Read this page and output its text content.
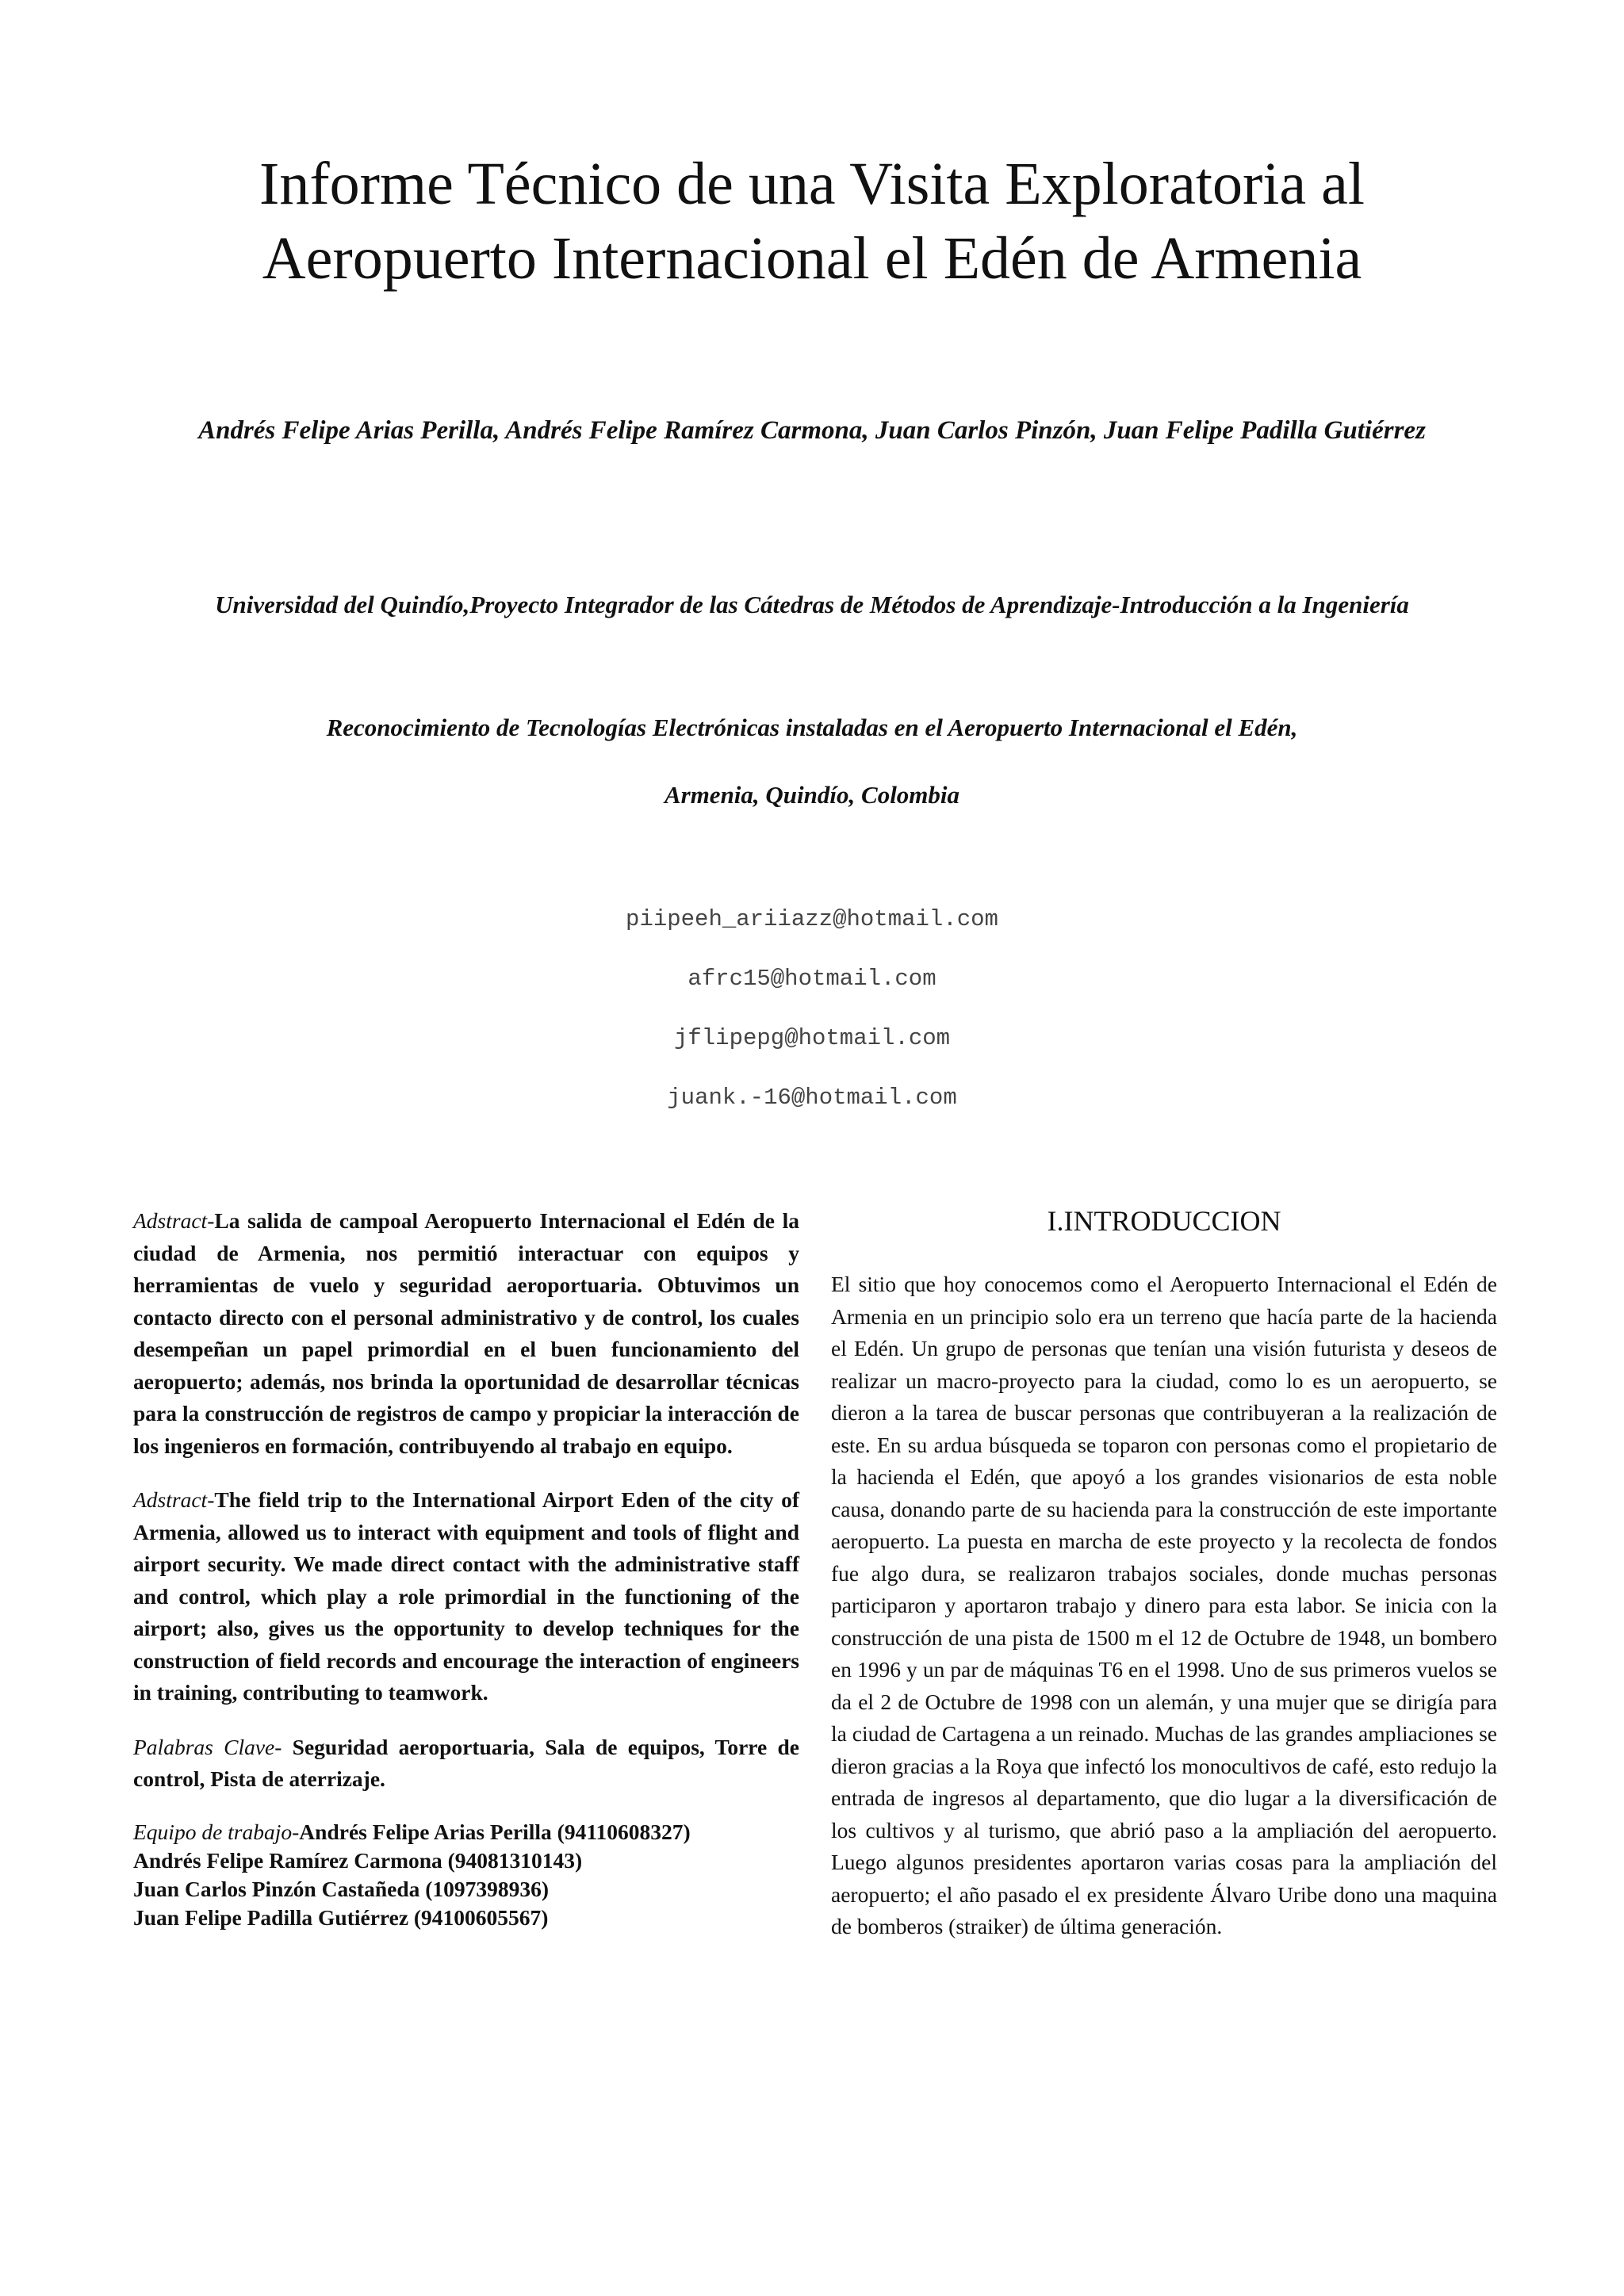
Informe Técnico de una Visita Exploratoria al
Aeropuerto Internacional el Edén de Armenia
Andrés Felipe Arias Perilla, Andrés Felipe Ramírez Carmona, Juan Carlos Pinzón, Juan Felipe Padilla Gutiérrez
Universidad del Quindío,Proyecto Integrador de las Cátedras de Métodos de Aprendizaje-Introducción a la Ingeniería
Reconocimiento de Tecnologías Electrónicas instaladas en el Aeropuerto Internacional el Edén,
Armenia, Quindío, Colombia
piipeeh_ariiazz@hotmail.com
afrc15@hotmail.com
jflipepg@hotmail.com
juank.-16@hotmail.com

Adstract-La salida de campoal Aeropuerto Internacional el Edén de la ciudad de Armenia, nos permitió interactuar con equipos y herramientas de vuelo y seguridad aeroportuaria. Obtuvimos un contacto directo con el personal administrativo y de control, los cuales desempeñan un papel primordial en el buen funcionamiento del aeropuerto; además, nos brinda la oportunidad de desarrollar técnicas para la construcción de registros de campo y propiciar la interacción de los ingenieros en formación, contribuyendo al trabajo en equipo.

Adstract-The field trip to the International Airport Eden of the city of Armenia, allowed us to interact with equipment and tools of flight and airport security. We made direct contact with the administrative staff and control, which play a role primordial in the functioning of the airport; also, gives us the opportunity to develop techniques for the construction of field records and encourage the interaction of engineers in training, contributing to teamwork.

Palabras Clave- Seguridad aeroportuaria, Sala de equipos, Torre de control, Pista de aterrizaje.

Equipo de trabajo-Andrés Felipe Arias Perilla (94110608327)

Andrés Felipe Ramírez Carmona (94081310143)

Juan Carlos Pinzón Castañeda (1097398936)

Juan Felipe Padilla Gutiérrez (94100605567)

I.INTRODUCCION

El sitio que hoy conocemos como el Aeropuerto Internacional el Edén de Armenia en un principio solo era un terreno que hacía parte de la hacienda el Edén. Un grupo de personas que tenían una visión futurista y deseos de realizar un macro-proyecto para la ciudad, como lo es un aeropuerto, se dieron a la tarea de buscar personas que contribuyeran a la realización de este. En su ardua búsqueda se toparon con personas como el propietario de la hacienda el Edén, que apoyó a los grandes visionarios de esta noble causa, donando parte de su hacienda para la construcción de este importante aeropuerto. La puesta en marcha de este proyecto y la recolecta de fondos fue algo dura, se realizaron trabajos sociales, donde muchas personas participaron y aportaron trabajo y dinero para esta labor. Se inicia con la construcción de una pista de 1500 m el 12 de Octubre de 1948, un bombero en 1996 y un par de máquinas T6 en el 1998. Uno de sus primeros vuelos se da el 2 de Octubre de 1998 con un alemán, y una mujer que se dirigía para la ciudad de Cartagena a un reinado. Muchas de las grandes ampliaciones se dieron gracias a la Roya que infectó los monocultivos de café, esto redujo la entrada de ingresos al departamento, que dio lugar a la diversificación de los cultivos y al turismo, que abrió paso a la ampliación del aeropuerto. Luego algunos presidentes aportaron varias cosas para la ampliación del aeropuerto; el año pasado el ex presidente Álvaro Uribe dono una maquina de bomberos (straiker) de última generación.
